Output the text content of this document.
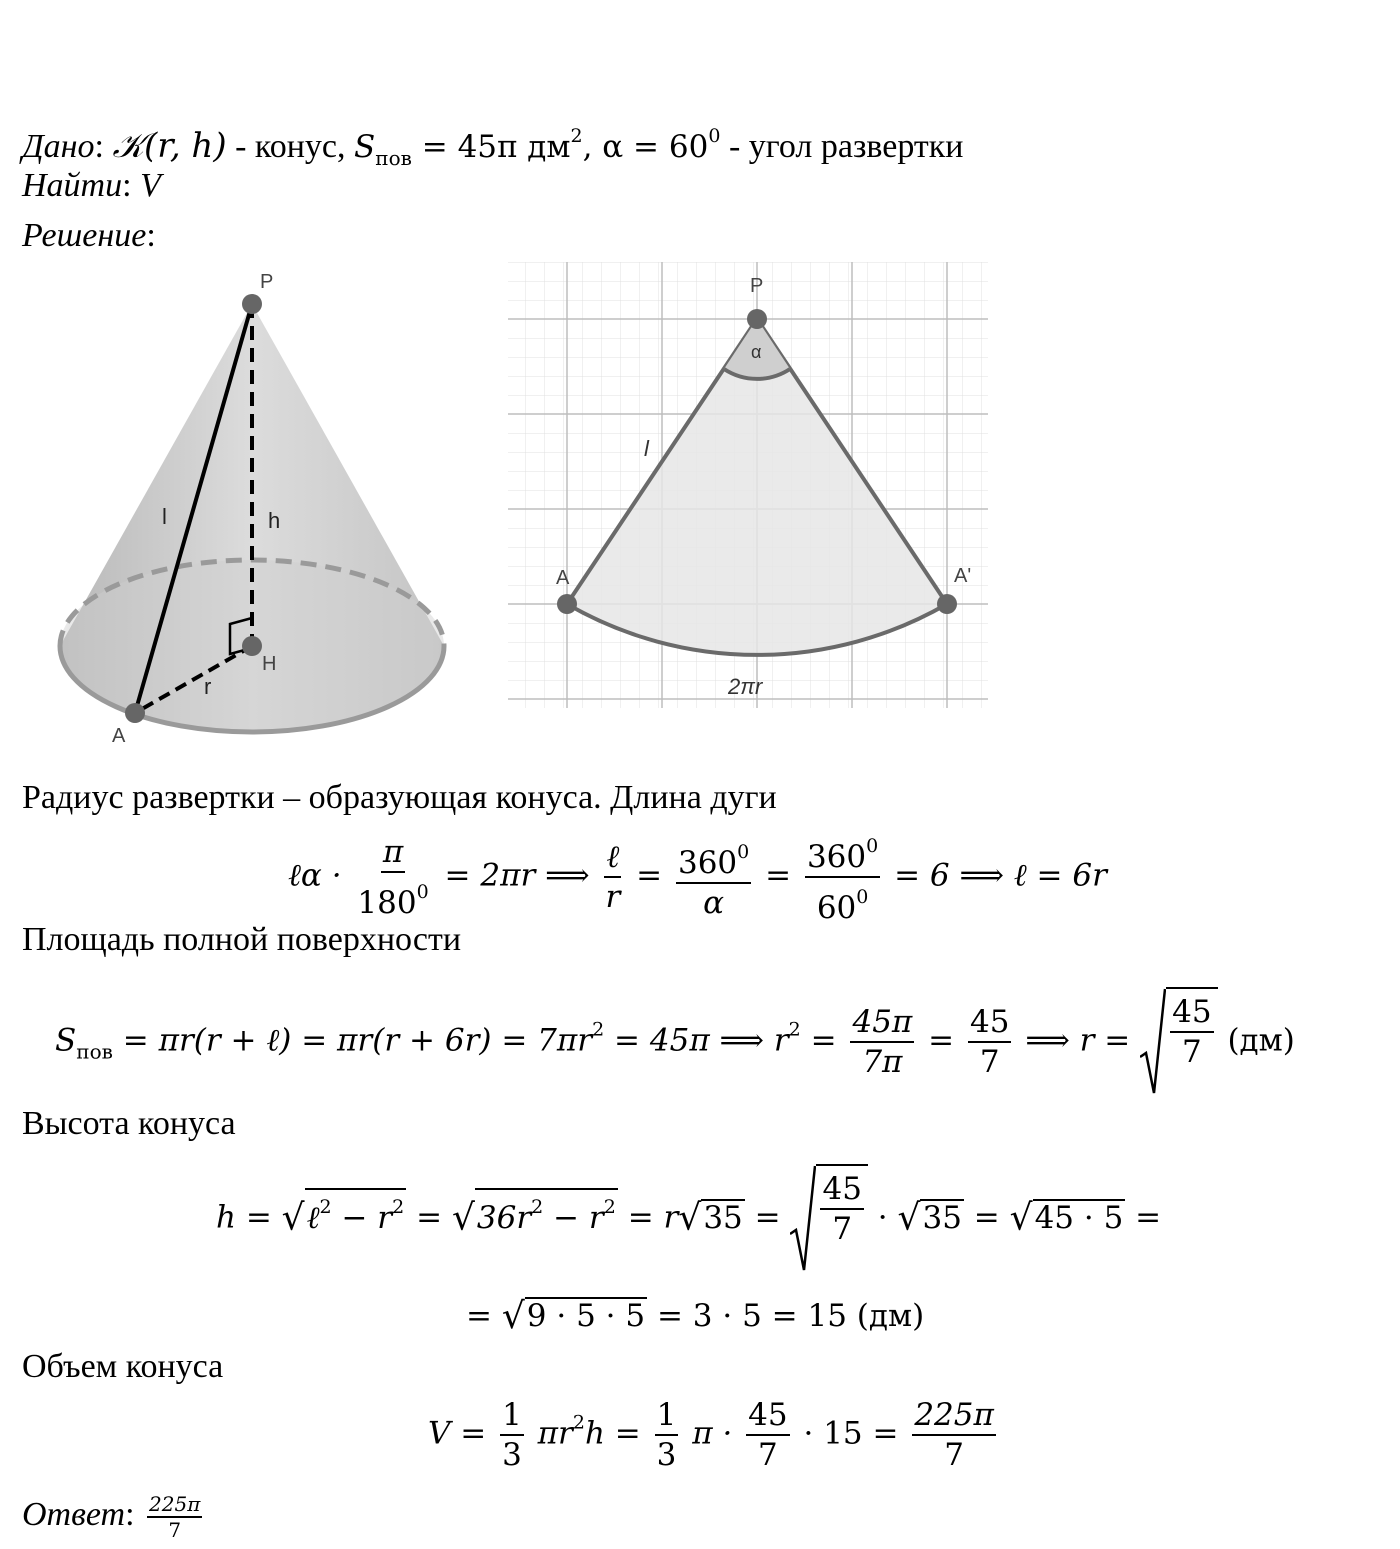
Дано: 𝒦(r, h) - конус, $S_{пов} = 45\pi$ $дм^2$, $\alpha = 60^0$ - угол развертки
Найти: V
Решение:
P
H
A
l	h
r
P
A	A'
α
l
2πr
Радиус развертки – образующая конуса. Длина дуги
ℓα · $\frac{\pi}{180^0} = 2\pi r$ ⟹ $\frac{\text{ℓ}}{r} = \frac{360^0}{\alpha} = \frac{360^0}{60^0} = 6$ ⟹ ℓ = 6r
Площадь полной поверхности
$S_{пов} = \pi r(r$ + ℓ) = $\pi r(r + 6r) = 7\pi r^2 = 45\pi$ ⟹ $r^2 = \frac{45\pi}{7\pi} = \frac{45}{7}$ ⟹ $r = \frac{45}{7} (дм)$
Высота конуса
h = √ℓ$^2$ − $r^2 = √36r^2 - r^2 = r√35 = \frac{45}{7} \cdot √35 = √45 \cdot 5$ =
= √9 · 5 · 5 = 3 · 5 = 15 (дм)
Объем конуса
$V = \frac{1}{3} \pi r^2h = \frac{1}{3}$ $\pi \cdot \frac{45}{7} \cdot 15 = \frac{225\pi}{7}$
Ответ: $\frac{225\pi}{7}$
